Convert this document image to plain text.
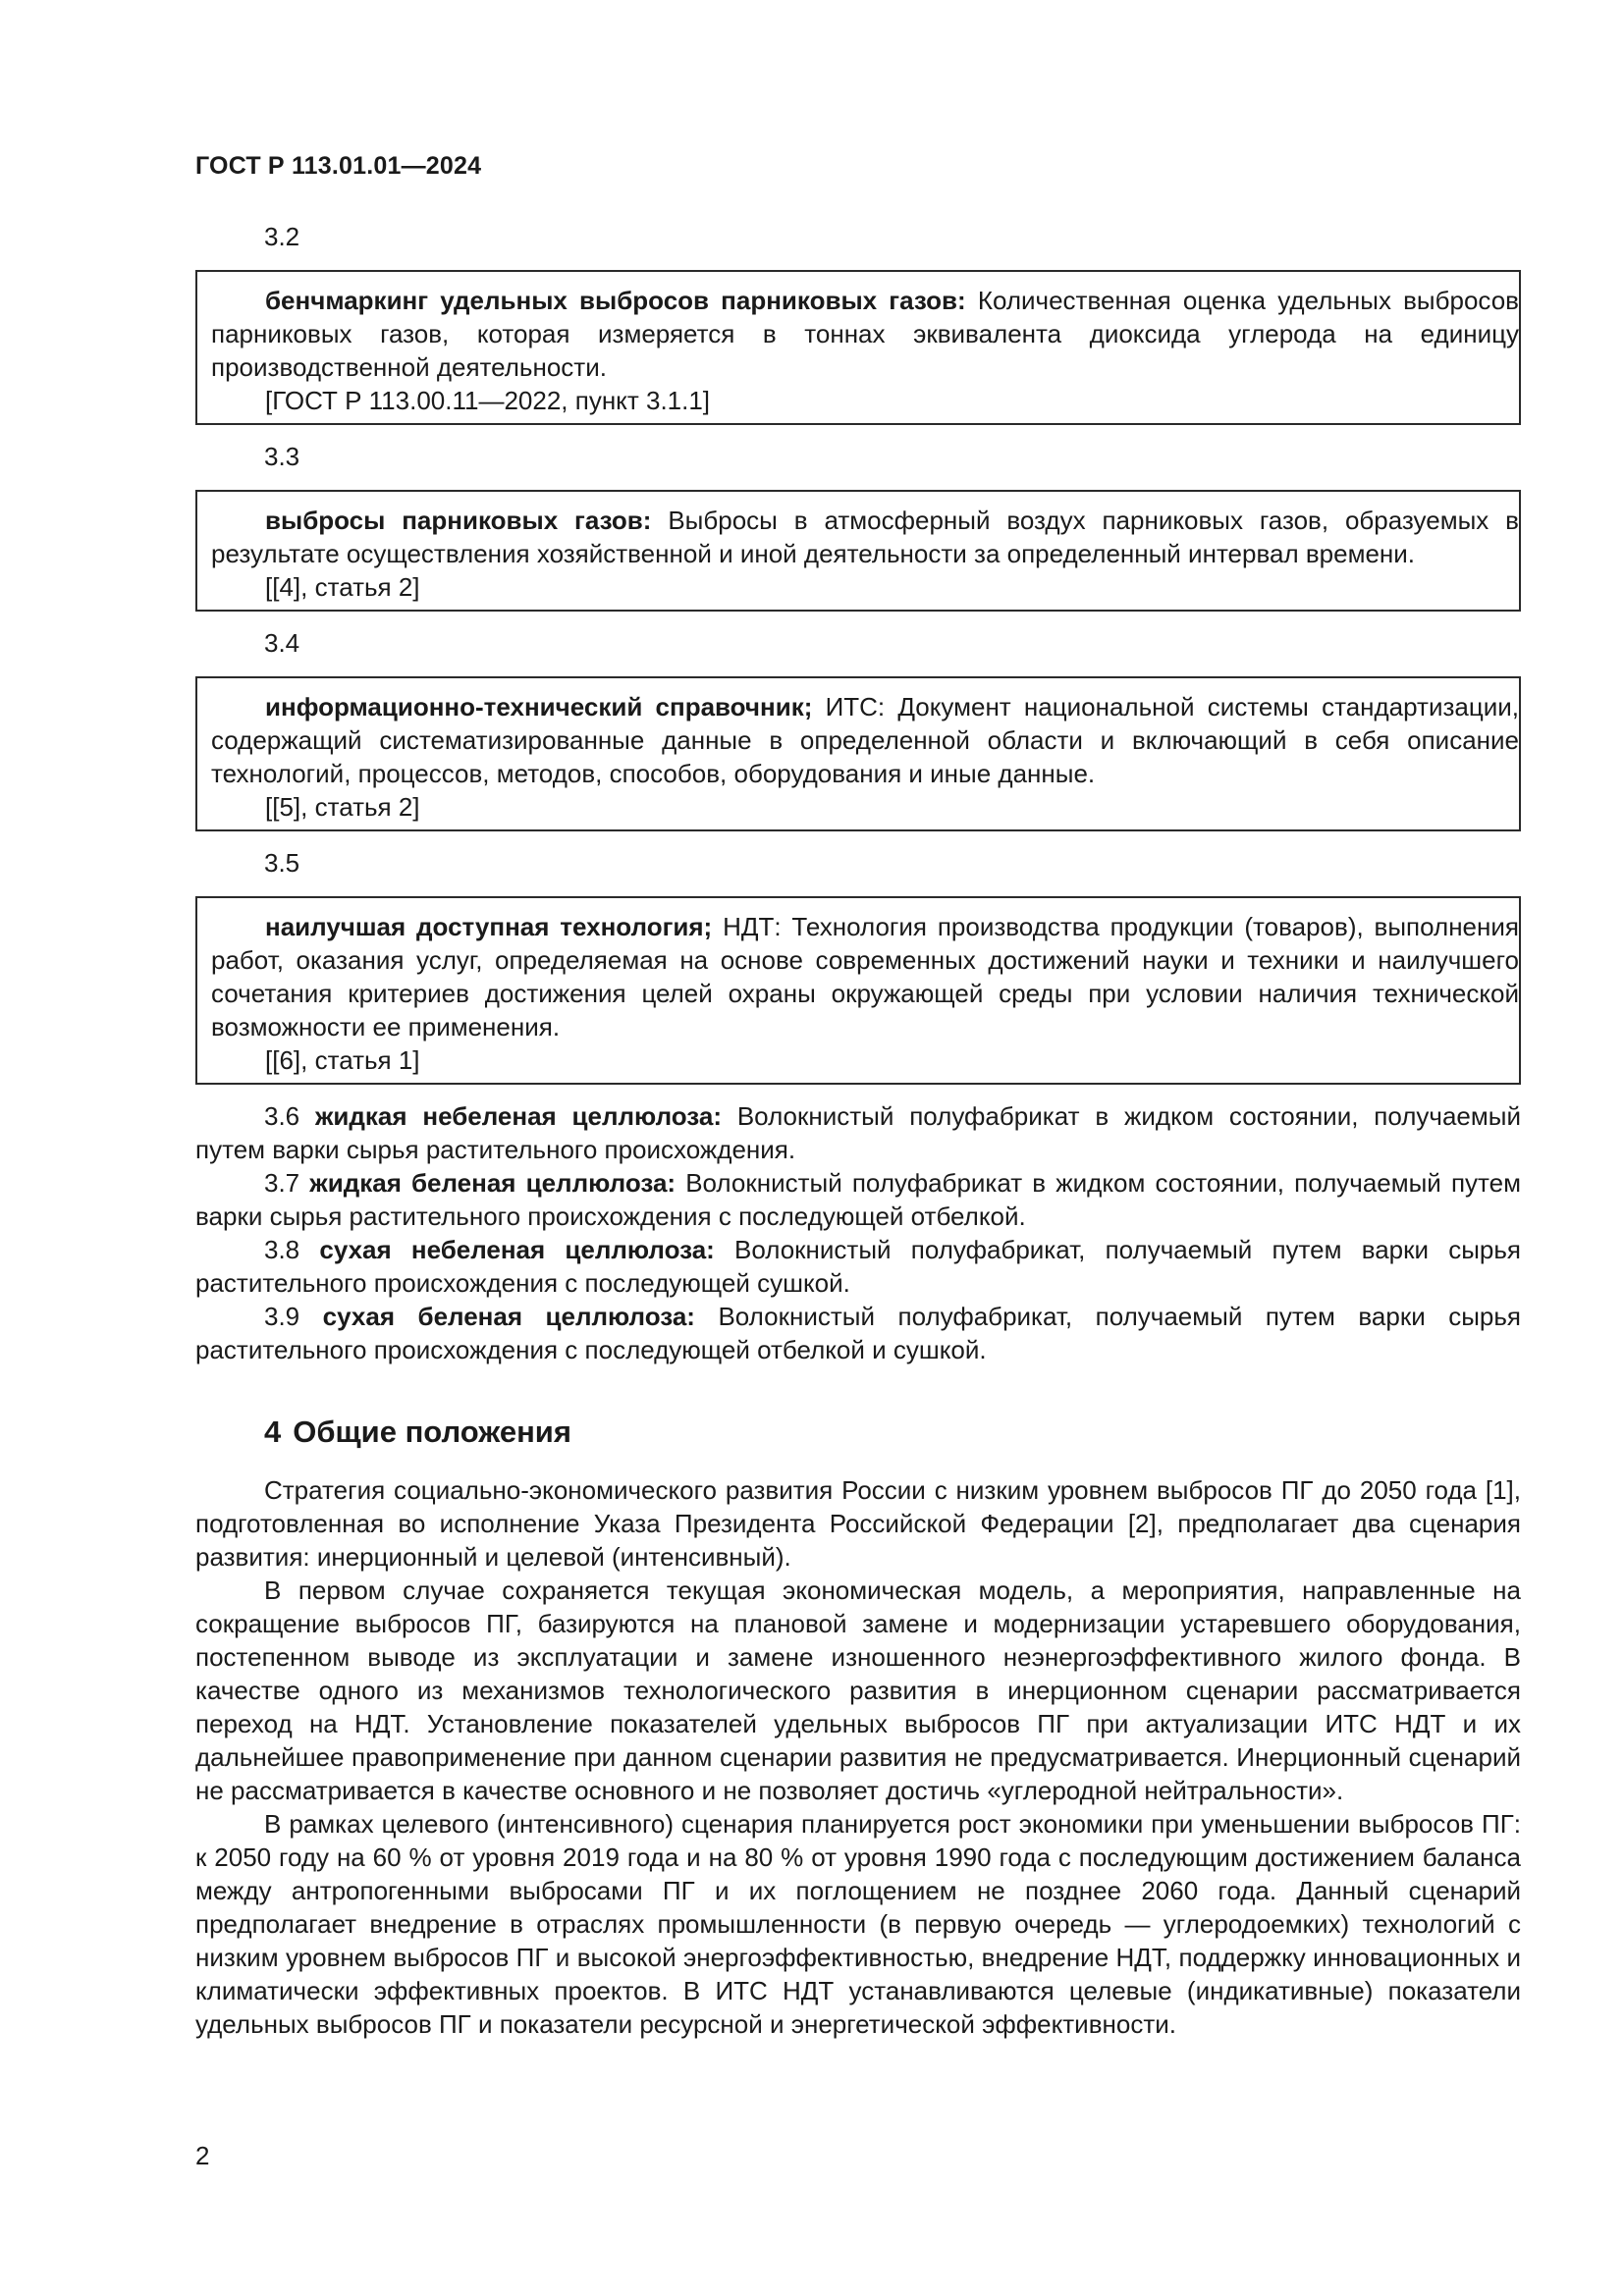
ГОСТ Р 113.01.01—2024
3.2

бенчмаркинг удельных выбросов парниковых газов: Количественная оценка удельных выбросов парниковых газов, которая измеряется в тоннах эквивалента диоксида углерода на единицу производственной деятельности.

[ГОСТ Р 113.00.11—2022, пункт 3.1.1]

3.3

выбросы парниковых газов: Выбросы в атмосферный воздух парниковых газов, образуемых в результате осуществления хозяйственной и иной деятельности за определенный интервал времени.

[[4], статья 2]

3.4

информационно-технический справочник; ИТС: Документ национальной системы стандартизации, содержащий систематизированные данные в определенной области и включающий в себя описание технологий, процессов, методов, способов, оборудования и иные данные.

[[5], статья 2]

3.5

наилучшая доступная технология; НДТ: Технология производства продукции (товаров), выполнения работ, оказания услуг, определяемая на основе современных достижений науки и техники и наилучшего сочетания критериев достижения целей охраны окружающей среды при условии наличия технической возможности ее применения.

[[6], статья 1]

3.6 жидкая небеленая целлюлоза: Волокнистый полуфабрикат в жидком состоянии, получаемый путем варки сырья растительного происхождения.

3.7 жидкая беленая целлюлоза: Волокнистый полуфабрикат в жидком состоянии, получаемый путем варки сырья растительного происхождения с последующей отбелкой.

3.8 сухая небеленая целлюлоза: Волокнистый полуфабрикат, получаемый путем варки сырья растительного происхождения с последующей сушкой.

3.9 сухая беленая целлюлоза: Волокнистый полуфабрикат, получаемый путем варки сырья растительного происхождения с последующей отбелкой и сушкой.

4 Общие положения

Стратегия социально-экономического развития России с низким уровнем выбросов ПГ до 2050 года [1], подготовленная во исполнение Указа Президента Российской Федерации [2], предполагает два сценария развития: инерционный и целевой (интенсивный).

В первом случае сохраняется текущая экономическая модель, а мероприятия, направленные на сокращение выбросов ПГ, базируются на плановой замене и модернизации устаревшего оборудования, постепенном выводе из эксплуатации и замене изношенного неэнергоэффективного жилого фонда. В качестве одного из механизмов технологического развития в инерционном сценарии рассматривается переход на НДТ. Установление показателей удельных выбросов ПГ при актуализации ИТС НДТ и их дальнейшее правоприменение при данном сценарии развития не предусматривается. Инерционный сценарий не рассматривается в качестве основного и не позволяет достичь «углеродной нейтральности».

В рамках целевого (интенсивного) сценария планируется рост экономики при уменьшении выбросов ПГ: к 2050 году на 60 % от уровня 2019 года и на 80 % от уровня 1990 года с последующим достижением баланса между антропогенными выбросами ПГ и их поглощением не позднее 2060 года. Данный сценарий предполагает внедрение в отраслях промышленности (в первую очередь — углеродоемких) технологий с низким уровнем выбросов ПГ и высокой энергоэффективностью, внедрение НДТ, поддержку инновационных и климатически эффективных проектов. В ИТС НДТ устанавливаются целевые (индикативные) показатели удельных выбросов ПГ и показатели ресурсной и энергетической эффективности.

2
